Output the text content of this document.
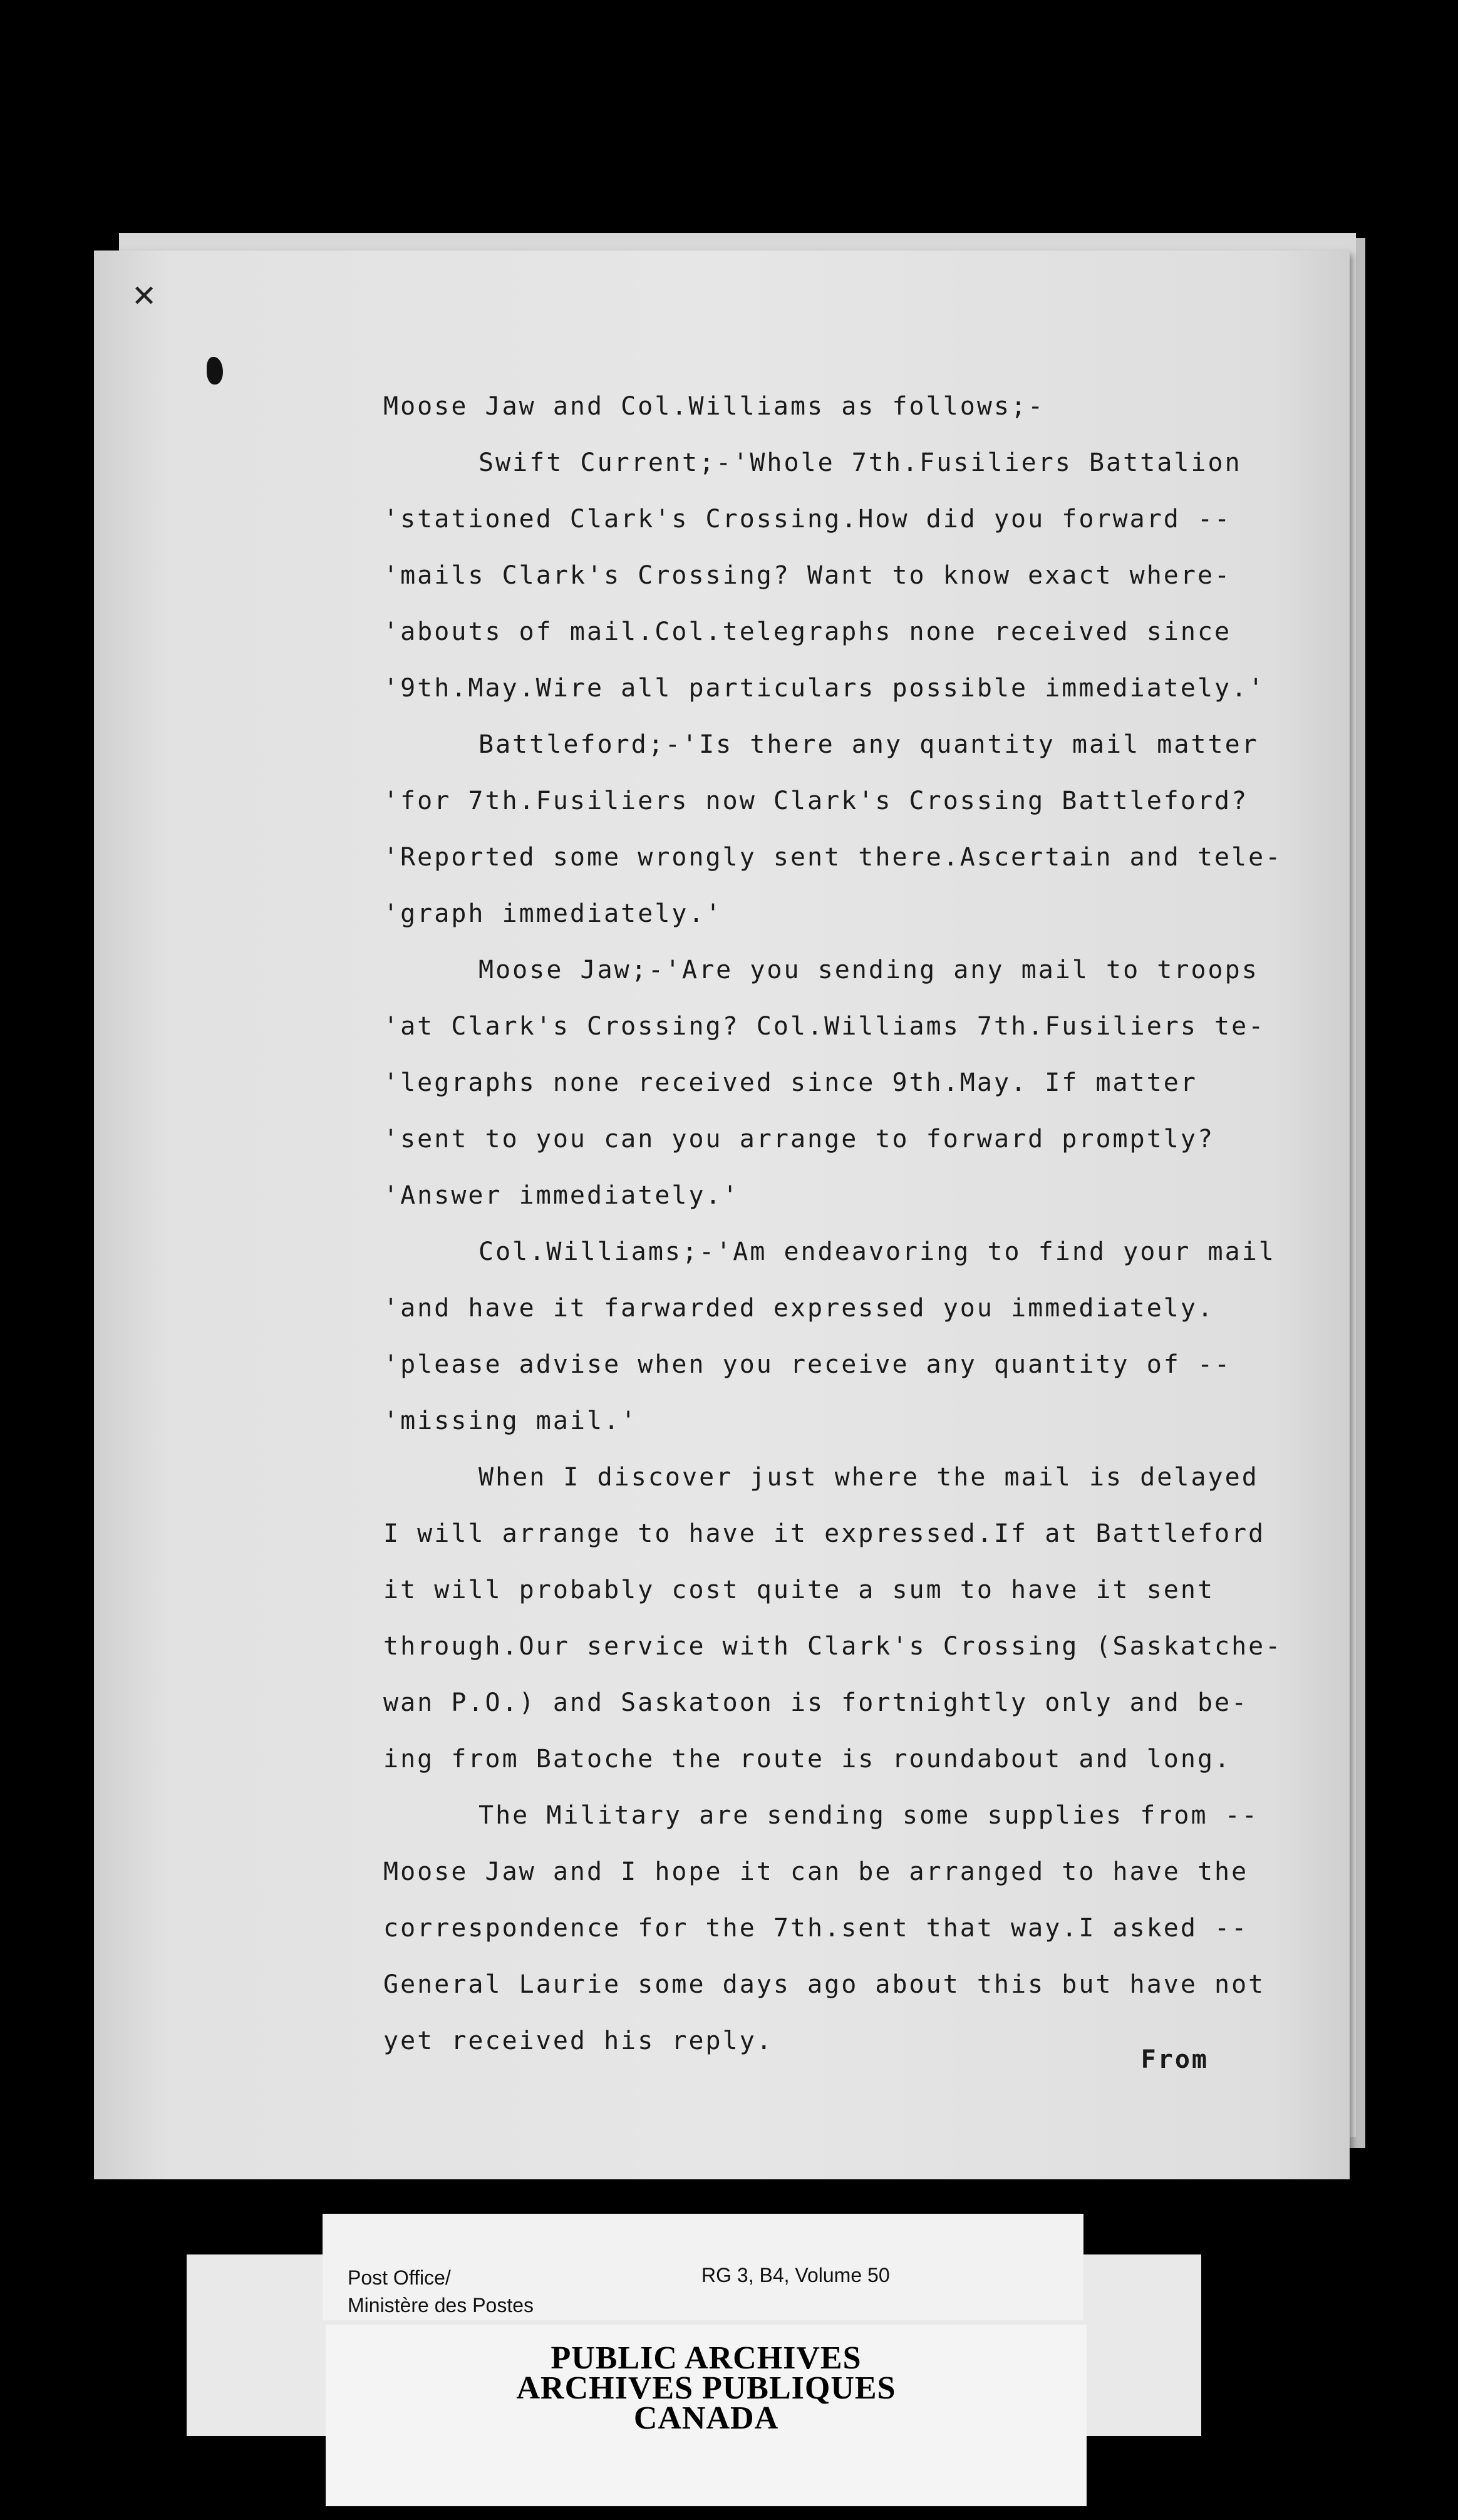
✕
Moose Jaw and Col.Williams as follows;-
Swift Current;-'Whole 7th.Fusiliers Battalion
'stationed Clark's Crossing.How did you forward --
'mails Clark's Crossing? Want to know exact where-
'abouts of mail.Col.telegraphs none received since
'9th.May.Wire all particulars possible immediately.'
Battleford;-'Is there any quantity mail matter
'for 7th.Fusiliers now Clark's Crossing Battleford?
'Reported some wrongly sent there.Ascertain and tele-
'graph immediately.'
Moose Jaw;-'Are you sending any mail to troops
'at Clark's Crossing? Col.Williams 7th.Fusiliers te-
'legraphs none received since 9th.May. If matter
'sent to you can you arrange to forward promptly?
'Answer immediately.'
Col.Williams;-'Am endeavoring to find your mail
'and have it farwarded expressed you immediately.
'please advise when you receive any quantity of --
'missing mail.'
When I discover just where the mail is delayed
I will arrange to have it expressed.If at Battleford
it will probably cost quite a sum to have it sent
through.Our service with Clark's Crossing (Saskatche-
wan P.O.) and Saskatoon is fortnightly only and be-
ing from Batoche the route is roundabout and long.
The Military are sending some supplies from --
Moose Jaw and I hope it can be arranged to have the
correspondence for the 7th.sent that way.I asked --
General Laurie some days ago about this but have not
yet received his reply.
From
Post Office/
Ministère des Postes
RG 3, B4, Volume 50
PUBLIC ARCHIVES
ARCHIVES PUBLIQUES
CANADA
